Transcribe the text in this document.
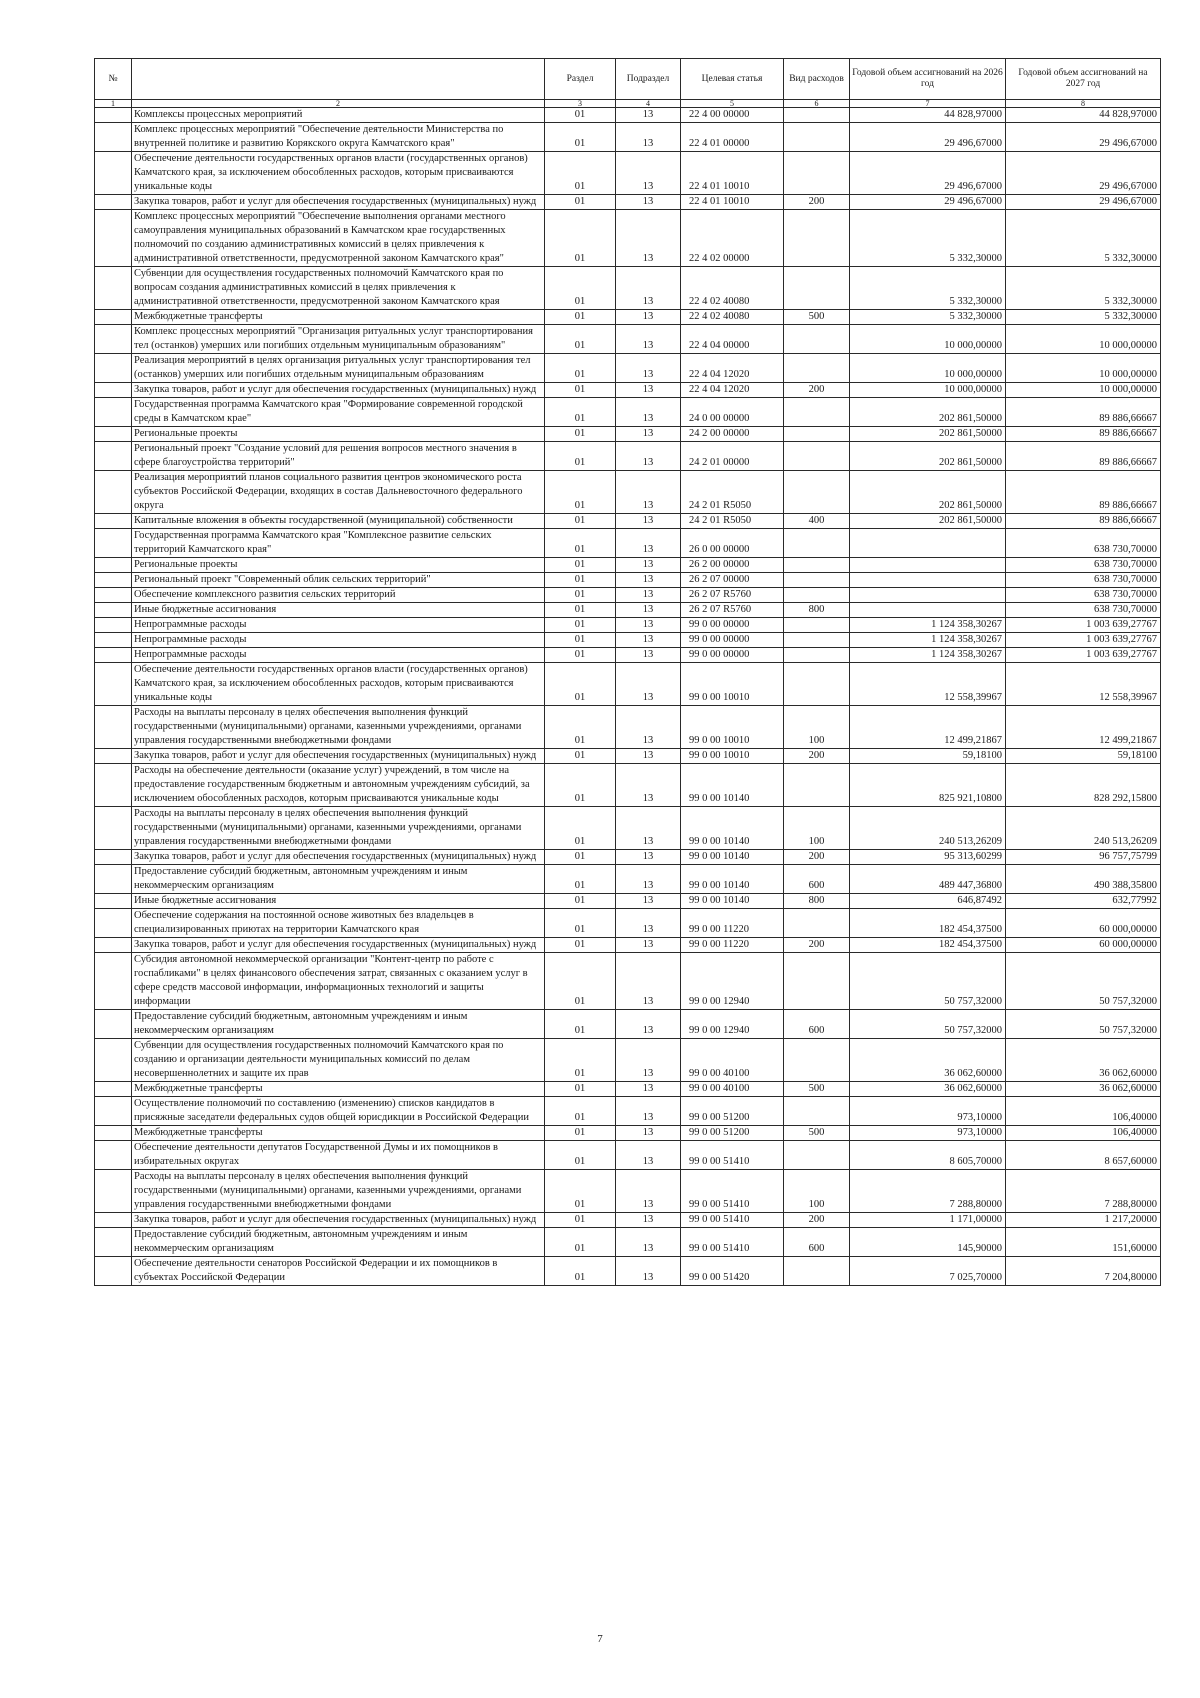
№		Раздел	Подраздел	Целевая статья	Вид расходов	Годовой объем ассигнований на 2026 год	Годовой объем ассигнований на 2027 год
1	2	3	4	5	6	7	8
	Комплексы процессных мероприятий	01	13	22 4 00 00000		44 828,97000	44 828,97000
	Комплекс процессных мероприятий "Обеспечение деятельности Министерства по внутренней политике и развитию Корякского округа Камчатского края"	01	13	22 4 01 00000		29 496,67000	29 496,67000
	Обеспечение деятельности государственных органов власти (государственных органов) Камчатского края, за исключением обособленных расходов, которым присваиваются уникальные коды	01	13	22 4 01 10010		29 496,67000	29 496,67000
	Закупка товаров, работ и услуг для обеспечения государственных (муниципальных) нужд	01	13	22 4 01 10010	200	29 496,67000	29 496,67000
	Комплекс процессных мероприятий "Обеспечение выполнения органами местного самоуправления муниципальных образований в Камчатском крае государственных полномочий по созданию административных комиссий в целях привлечения к административной ответственности, предусмотренной законом Камчатского края"	01	13	22 4 02 00000		5 332,30000	5 332,30000
	Субвенции для осуществления государственных полномочий Камчатского края по вопросам создания административных комиссий в целях привлечения к административной ответственности, предусмотренной законом Камчатского края	01	13	22 4 02 40080		5 332,30000	5 332,30000
	Межбюджетные трансферты	01	13	22 4 02 40080	500	5 332,30000	5 332,30000
	Комплекс процессных мероприятий "Организация ритуальных услуг транспортирования тел (останков) умерших или погибших отдельным муниципальным образованиям"	01	13	22 4 04 00000		10 000,00000	10 000,00000
	Реализация мероприятий в целях организация ритуальных услуг транспортирования тел (останков) умерших или погибших отдельным муниципальным образованиям	01	13	22 4 04 12020		10 000,00000	10 000,00000
	Закупка товаров, работ и услуг для обеспечения государственных (муниципальных) нужд	01	13	22 4 04 12020	200	10 000,00000	10 000,00000
	Государственная программа Камчатского края "Формирование современной городской среды в Камчатском крае"	01	13	24 0 00 00000		202 861,50000	89 886,66667
	Региональные проекты	01	13	24 2 00 00000		202 861,50000	89 886,66667
	Региональный проект "Создание условий для решения вопросов местного значения в сфере благоустройства территорий"	01	13	24 2 01 00000		202 861,50000	89 886,66667
	Реализация мероприятий планов социального развития центров экономического роста субъектов Российской Федерации, входящих в состав Дальневосточного федерального округа	01	13	24 2 01 R5050		202 861,50000	89 886,66667
	Капитальные вложения в объекты государственной (муниципальной) собственности	01	13	24 2 01 R5050	400	202 861,50000	89 886,66667
	Государственная программа Камчатского края "Комплексное развитие сельских территорий Камчатского края"	01	13	26 0 00 00000			638 730,70000
	Региональные проекты	01	13	26 2 00 00000			638 730,70000
	Региональный проект "Современный облик сельских территорий"	01	13	26 2 07 00000			638 730,70000
	Обеспечение комплексного развития сельских территорий	01	13	26 2 07 R5760			638 730,70000
	Иные бюджетные ассигнования	01	13	26 2 07 R5760	800		638 730,70000
	Непрограммные расходы	01	13	99 0 00 00000		1 124 358,30267	1 003 639,27767
	Непрограммные расходы	01	13	99 0 00 00000		1 124 358,30267	1 003 639,27767
	Непрограммные расходы	01	13	99 0 00 00000		1 124 358,30267	1 003 639,27767
	Обеспечение деятельности государственных органов власти (государственных органов) Камчатского края, за исключением обособленных расходов, которым присваиваются уникальные коды	01	13	99 0 00 10010		12 558,39967	12 558,39967
	Расходы на выплаты персоналу в целях обеспечения выполнения функций государственными (муниципальными) органами, казенными учреждениями, органами управления государственными внебюджетными фондами	01	13	99 0 00 10010	100	12 499,21867	12 499,21867
	Закупка товаров, работ и услуг для обеспечения государственных (муниципальных) нужд	01	13	99 0 00 10010	200	59,18100	59,18100
	Расходы на обеспечение деятельности (оказание услуг) учреждений, в том числе на предоставление государственным бюджетным и автономным учреждениям субсидий, за исключением обособленных расходов, которым присваиваются уникальные коды	01	13	99 0 00 10140		825 921,10800	828 292,15800
	Расходы на выплаты персоналу в целях обеспечения выполнения функций государственными (муниципальными) органами, казенными учреждениями, органами управления государственными внебюджетными фондами	01	13	99 0 00 10140	100	240 513,26209	240 513,26209
	Закупка товаров, работ и услуг для обеспечения государственных (муниципальных) нужд	01	13	99 0 00 10140	200	95 313,60299	96 757,75799
	Предоставление субсидий бюджетным, автономным учреждениям и иным некоммерческим организациям	01	13	99 0 00 10140	600	489 447,36800	490 388,35800
	Иные бюджетные ассигнования	01	13	99 0 00 10140	800	646,87492	632,77992
	Обеспечение содержания на постоянной основе животных без владельцев в специализированных приютах на территории Камчатского края	01	13	99 0 00 11220		182 454,37500	60 000,00000
	Закупка товаров, работ и услуг для обеспечения государственных (муниципальных) нужд	01	13	99 0 00 11220	200	182 454,37500	60 000,00000
	Субсидия автономной некоммерческой организации "Контент-центр по работе с госпабликами" в целях финансового обеспечения затрат, связанных с оказанием услуг в сфере средств массовой информации, информационных технологий и защиты информации	01	13	99 0 00 12940		50 757,32000	50 757,32000
	Предоставление субсидий бюджетным, автономным учреждениям и иным некоммерческим организациям	01	13	99 0 00 12940	600	50 757,32000	50 757,32000
	Субвенции для осуществления государственных полномочий Камчатского края по созданию и организации деятельности муниципальных комиссий по делам несовершеннолетних и защите их прав	01	13	99 0 00 40100		36 062,60000	36 062,60000
	Межбюджетные трансферты	01	13	99 0 00 40100	500	36 062,60000	36 062,60000
	Осуществление полномочий по составлению (изменению) списков кандидатов в присяжные заседатели федеральных судов общей юрисдикции в Российской Федерации	01	13	99 0 00 51200		973,10000	106,40000
	Межбюджетные трансферты	01	13	99 0 00 51200	500	973,10000	106,40000
	Обеспечение деятельности депутатов Государственной Думы и их помощников в избирательных округах	01	13	99 0 00 51410		8 605,70000	8 657,60000
	Расходы на выплаты персоналу в целях обеспечения выполнения функций государственными (муниципальными) органами, казенными учреждениями, органами управления государственными внебюджетными фондами	01	13	99 0 00 51410	100	7 288,80000	7 288,80000
	Закупка товаров, работ и услуг для обеспечения государственных (муниципальных) нужд	01	13	99 0 00 51410	200	1 171,00000	1 217,20000
	Предоставление субсидий бюджетным, автономным учреждениям и иным некоммерческим организациям	01	13	99 0 00 51410	600	145,90000	151,60000
	Обеспечение деятельности сенаторов Российской Федерации и их помощников в субъектах Российской Федерации	01	13	99 0 00 51420		7 025,70000	7 204,80000
7
